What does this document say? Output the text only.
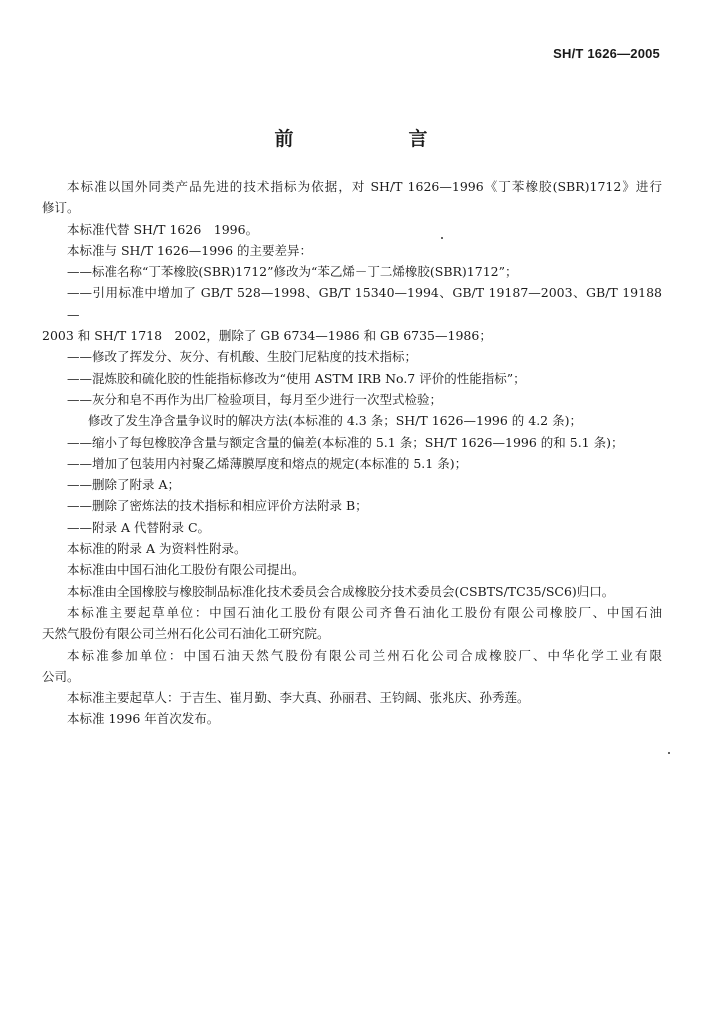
SH/T 1626—2005
前　言
本标准以国外同类产品先进的技术指标为依据，对 SH/T 1626—1996《丁苯橡胶(SBR)1712》进行
修订。
本标准代替 SH/T 1626　1996。
本标准与 SH/T 1626—1996 的主要差异：
——标准名称“丁苯橡胶(SBR)1712”修改为“苯乙烯－丁二烯橡胶(SBR)1712”；
——引用标准中增加了 GB/T 528—1998、GB/T 15340—1994、GB/T 19187—2003、GB/T 19188—
2003 和 SH/T 1718　2002，删除了 GB 6734—1986 和 GB 6735—1986；
——修改了挥发分、灰分、有机酸、生胶门尼粘度的技术指标；
——混炼胶和硫化胶的性能指标修改为“使用 ASTM IRB No.7 评价的性能指标”；
——灰分和皂不再作为出厂检验项目，每月至少进行一次型式检验；
修改了发生净含量争议时的解决方法(本标准的 4.3 条；SH/T 1626—1996 的 4.2 条)；
——缩小了每包橡胶净含量与额定含量的偏差(本标准的 5.1 条；SH/T 1626—1996 的和 5.1 条)；
——增加了包装用内衬聚乙烯薄膜厚度和熔点的规定(本标准的 5.1 条)；
——删除了附录 A；
——删除了密炼法的技术指标和相应评价方法附录 B；
——附录 A 代替附录 C。
本标准的附录 A 为资料性附录。
本标准由中国石油化工股份有限公司提出。
本标准由全国橡胶与橡胶制品标准化技术委员会合成橡胶分技术委员会(CSBTS/TC35/SC6)归口。
本标准主要起草单位：中国石油化工股份有限公司齐鲁石油化工股份有限公司橡胶厂、中国石油
天然气股份有限公司兰州石化公司石油化工研究院。
本标准参加单位：中国石油天然气股份有限公司兰州石化公司合成橡胶厂、中华化学工业有限
公司。
本标准主要起草人：于吉生、崔月勤、李大真、孙丽君、王钧阔、张兆庆、孙秀莲。
本标准 1996 年首次发布。
